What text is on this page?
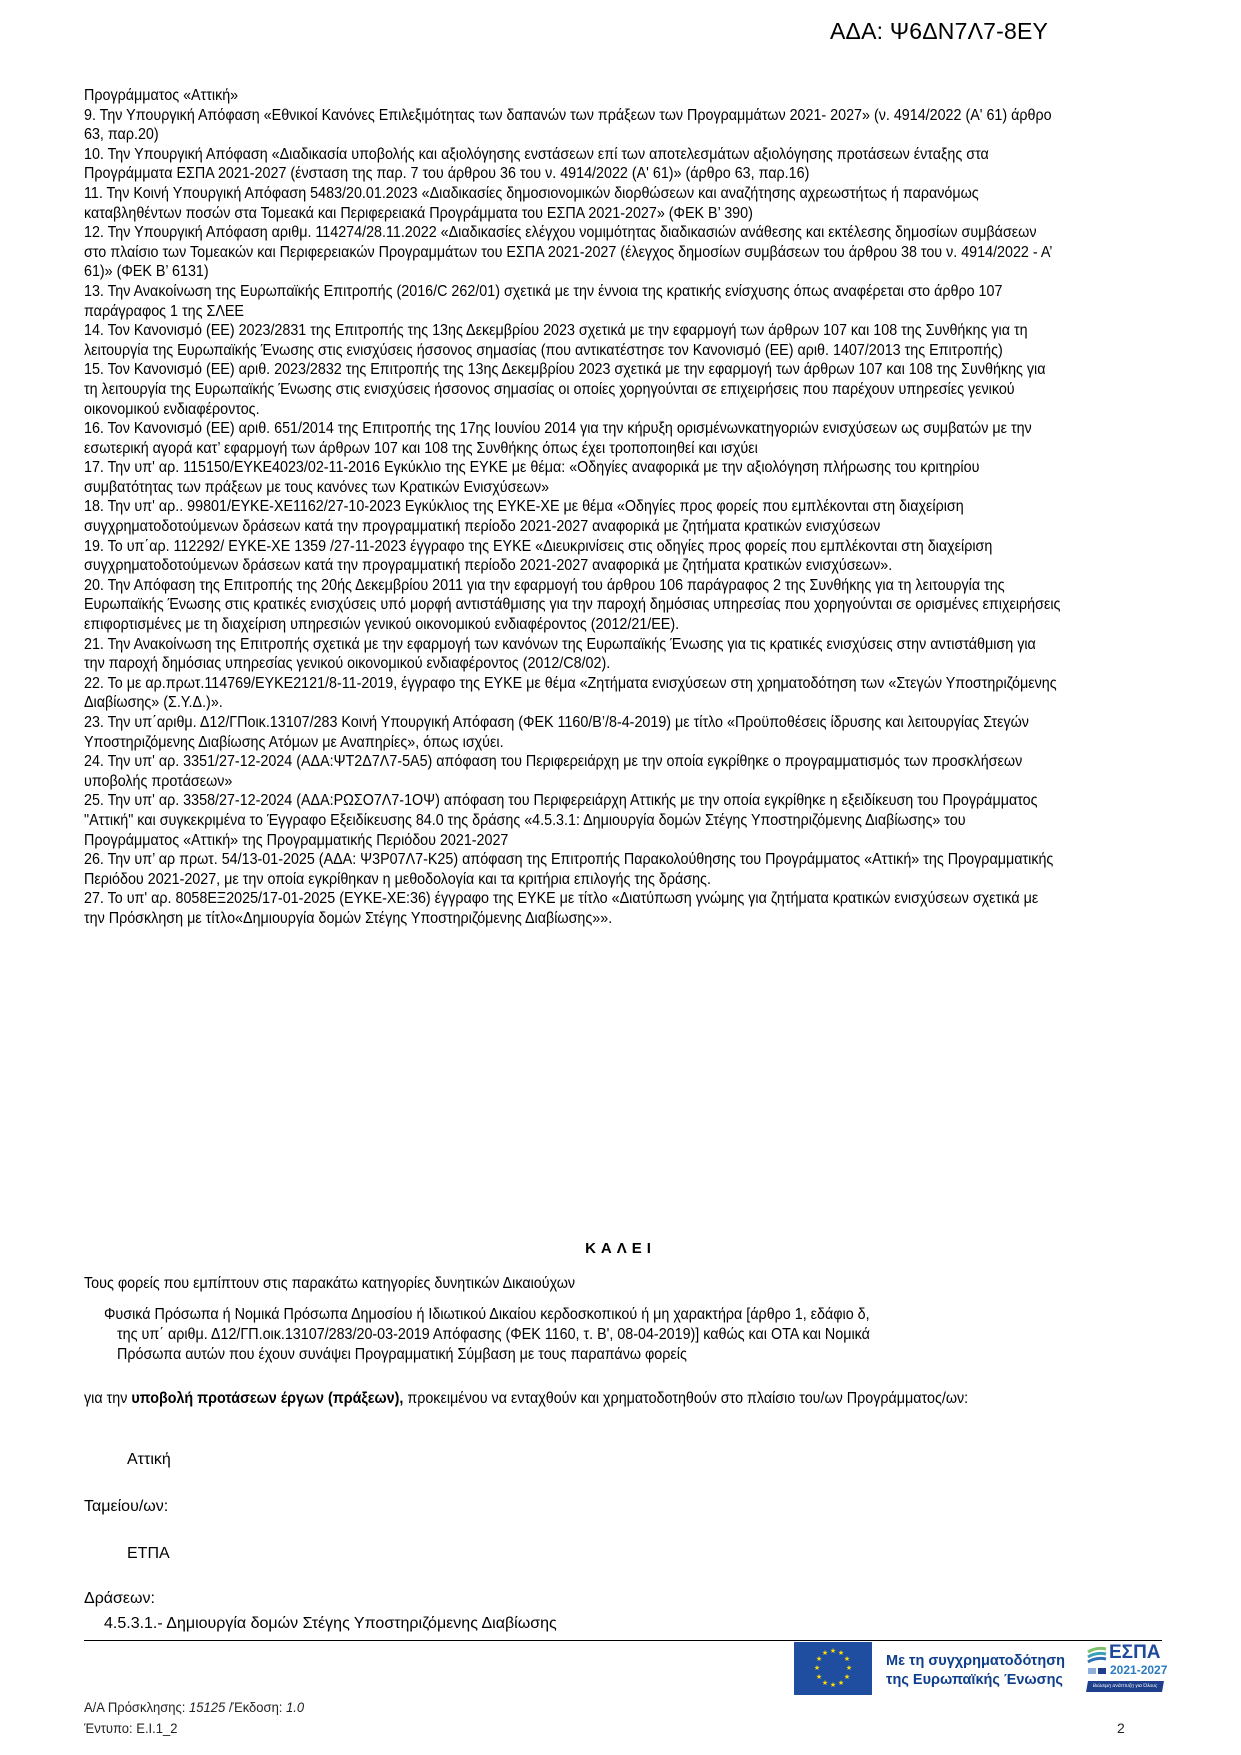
ΑΔΑ: Ψ6ΔΝ7Λ7-8ΕΥ

Προγράμματος «Αττική»

9. Την Υπουργική Απόφαση «Εθνικοί Κανόνες Επιλεξιμότητας των δαπανών των πράξεων των Προγραμμάτων 2021- 2027» (ν. 4914/2022 (Α' 61) άρθρο 63, παρ.20)

10. Την Υπουργική Απόφαση «Διαδικασία υποβολής και αξιολόγησης ενστάσεων επί των αποτελεσμάτων αξιολόγησης προτάσεων ένταξης στα Προγράμματα ΕΣΠΑ 2021-2027 (ένσταση της παρ. 7 του άρθρου 36 του ν. 4914/2022 (Α' 61)» (άρθρο 63, παρ.16)

11. Την Κοινή Υπουργική Απόφαση 5483/20.01.2023 «Διαδικασίες δημοσιονομικών διορθώσεων και αναζήτησης αχρεωστήτως ή παρανόμως καταβληθέντων ποσών στα Τομεακά και Περιφερειακά Προγράμματα του ΕΣΠΑ 2021-2027» (ΦΕΚ Β’ 390)

12. Την Υπουργική Απόφαση αριθμ. 114274/28.11.2022 «Διαδικασίες ελέγχου νομιμότητας διαδικασιών ανάθεσης και εκτέλεσης δημοσίων συμβάσεων στο πλαίσιο των Τομεακών και Περιφερειακών Προγραμμάτων του ΕΣΠΑ 2021-2027 (έλεγχος δημοσίων συμβάσεων του άρθρου 38 του ν. 4914/2022 - Α’ 61)» (ΦΕΚ Β’ 6131)

13. Την Ανακοίνωση της Ευρωπαϊκής Επιτροπής (2016/C 262/01) σχετικά με την έννοια της κρατικής ενίσχυσης όπως αναφέρεται στο άρθρο 107 παράγραφος 1 της ΣΛΕΕ

14. Τον Κανονισμό (ΕΕ) 2023/2831 της Επιτροπής της 13ης Δεκεμβρίου 2023 σχετικά με την εφαρμογή των άρθρων 107 και 108 της Συνθήκης για τη λειτουργία της Ευρωπαϊκής Ένωσης στις ενισχύσεις ήσσονος σημασίας (που αντικατέστησε τον Κανονισμό (ΕΕ) αριθ. 1407/2013 της Επιτροπής)

15. Τον Κανονισμό (ΕΕ) αριθ. 2023/2832 της Επιτροπής της 13ης Δεκεμβρίου 2023 σχετικά με την εφαρμογή των άρθρων 107 και 108 της Συνθήκης για τη λειτουργία της Ευρωπαϊκής Ένωσης στις ενισχύσεις ήσσονος σημασίας οι οποίες χορηγούνται σε επιχειρήσεις που παρέχουν υπηρεσίες γενικού οικονομικού ενδιαφέροντος.

16. Τον Κανονισμό (ΕΕ) αριθ. 651/2014 της Επιτροπής της 17ης Ιουνίου 2014 για την κήρυξη ορισμένωνκατηγοριών ενισχύσεων ως συμβατών με την εσωτερική αγορά κατ’ εφαρμογή των άρθρων 107 και 108 της Συνθήκης όπως έχει τροποποιηθεί και ισχύει

17. Την υπ' αρ. 115150/ΕΥΚΕ4023/02-11-2016 Εγκύκλιο της ΕΥΚΕ με θέμα: «Οδηγίες αναφορικά με την αξιολόγηση πλήρωσης του κριτηρίου συμβατότητας των πράξεων με τους κανόνες των Κρατικών Ενισχύσεων»

18. Την υπ' αρ.. 99801/ΕΥΚΕ-ΧΕ1162/27-10-2023 Εγκύκλιος της ΕΥΚΕ-ΧΕ με θέμα «Οδηγίες προς φορείς που εμπλέκονται στη διαχείριση συγχρηματοδοτούμενων δράσεων κατά την προγραμματική περίοδο 2021-2027 αναφορικά με ζητήματα κρατικών ενισχύσεων

19. Το υπ΄αρ. 112292/ ΕΥΚΕ-ΧΕ 1359 /27-11-2023 έγγραφο της ΕΥΚΕ «Διευκρινίσεις στις οδηγίες προς φορείς που εμπλέκονται στη διαχείριση συγχρηματοδοτούμενων δράσεων κατά την προγραμματική περίοδο 2021-2027 αναφορικά με ζητήματα κρατικών ενισχύσεων».

20. Την Απόφαση της Επιτροπής της 20ής Δεκεμβρίου 2011 για την εφαρμογή του άρθρου 106 παράγραφος 2 της Συνθήκης για τη λειτουργία της Ευρωπαϊκής Ένωσης στις κρατικές ενισχύσεις υπό μορφή αντιστάθμισης για την παροχή δημόσιας υπηρεσίας που χορηγούνται σε ορισμένες επιχειρήσεις επιφορτισμένες με τη διαχείριση υπηρεσιών γενικού οικονομικού ενδιαφέροντος (2012/21/ΕΕ).

21. Την Ανακοίνωση της Επιτροπής σχετικά με την εφαρμογή των κανόνων της Ευρωπαϊκής Ένωσης για τις κρατικές ενισχύσεις στην αντιστάθμιση για την παροχή δημόσιας υπηρεσίας γενικού οικονομικού ενδιαφέροντος (2012/C8/02).

22. Το με αρ.πρωτ.114769/ΕΥΚΕ2121/8-11-2019, έγγραφο της ΕΥΚΕ με θέμα «Ζητήματα ενισχύσεων στη χρηματοδότηση των «Στεγών Υποστηριζόμενης Διαβίωσης» (Σ.Υ.Δ.)».

23. Την υπ΄αριθμ. Δ12/ΓΠοικ.13107/283 Κοινή Υπουργική Απόφαση (ΦΕΚ 1160/Β’/8-4-2019) με τίτλο «Προϋποθέσεις ίδρυσης και λειτουργίας Στεγών Υποστηριζόμενης Διαβίωσης Ατόμων με Αναπηρίες», όπως ισχύει.

24. Την υπ' αρ. 3351/27-12-2024 (ΑΔΑ:ΨΤ2Δ7Λ7-5Α5) απόφαση του Περιφερειάρχη με την οποία εγκρίθηκε ο προγραμματισμός των προσκλήσεων υποβολής προτάσεων»

25. Την υπ' αρ. 3358/27-12-2024 (ΑΔΑ:ΡΩΣΟ7Λ7-1ΟΨ) απόφαση του Περιφερειάρχη Αττικής με την οποία εγκρίθηκε η εξειδίκευση του Προγράμματος "Αττική" και συγκεκριμένα το Έγγραφο Εξειδίκευσης 84.0 της δράσης «4.5.3.1: Δημιουργία δομών Στέγης Υποστηριζόμενης Διαβίωσης» του Προγράμματος «Αττική» της Προγραμματικής Περιόδου 2021-2027

26. Την υπ’ αρ πρωτ. 54/13-01-2025 (ΑΔΑ: Ψ3Ρ07Λ7-Κ25) απόφαση της Επιτροπής Παρακολούθησης του Προγράμματος «Αττική» της Προγραμματικής Περιόδου 2021-2027, με την οποία εγκρίθηκαν η μεθοδολογία και τα κριτήρια επιλογής της δράσης.

27. Το υπ' αρ. 8058ΕΞ2025/17-01-2025 (ΕΥΚΕ-ΧΕ:36) έγγραφο της ΕΥΚΕ με τίτλο «Διατύπωση γνώμης για ζητήματα κρατικών ενισχύσεων σχετικά με την Πρόσκληση με τίτλο«Δημιουργία δομών Στέγης Υποστηριζόμενης Διαβίωσης»».

ΚΑΛΕΙ
Τους φορείς που εμπίπτουν στις παρακάτω κατηγορίες δυνητικών Δικαιούχων
Φυσικά Πρόσωπα ή Νομικά Πρόσωπα Δημοσίου ή Ιδιωτικού Δικαίου κερδοσκοπικού ή μη χαρακτήρα [άρθρο 1, εδάφιο δ,
της υπ΄ αριθμ. Δ12/ΓΠ.οικ.13107/283/20-03-2019 Απόφασης (ΦΕΚ 1160, τ. Β', 08-04-2019)] καθώς και ΟΤΑ και Νομικά
Πρόσωπα αυτών που έχουν συνάψει Προγραμματική Σύμβαση με τους παραπάνω φορείς
για την υποβολή προτάσεων έργων (πράξεων), προκειμένου να ενταχθούν και χρηματοδοτηθούν στο πλαίσιο του/ων Προγράμματος/ων:
Αττική
Ταμείου/ων:
ΕΤΠΑ
Δράσεων:
4.5.3.1.- Δημιουργία δομών Στέγης Υποστηριζόμενης Διαβίωσης
★ ★
★
★
★
★
★
★
★
★
★
★	Με τη συγχρηματοδότηση
της Ευρωπαϊκής Ένωσης
ΕΣΠΑ
2021-2027
Βιώσιμη ανάπτυξη για Όλους
Α/Α Πρόσκλησης: 15125 /Έκδοση: 1.0
Έντυπο: Ε.Ι.1_2	2
